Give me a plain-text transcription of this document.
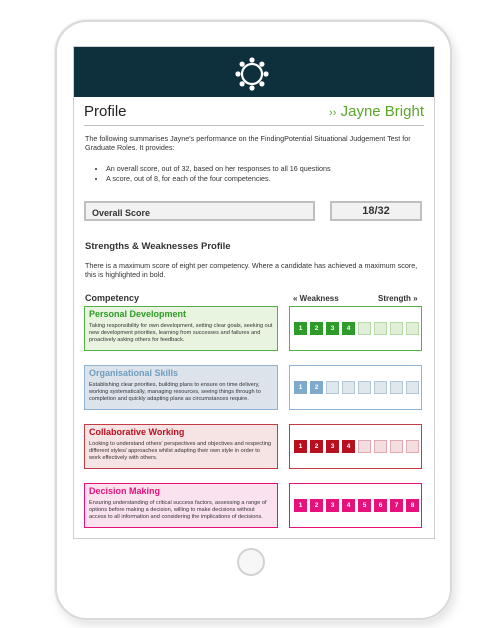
Profile	›› Jayne Bright
The following summarises Jayne's performance on the FindingPotential Situational Judgement Test for Graduate Roles. It provides:
• An overall score, out of 32, based on her responses to all 16 questions
• A score, out of 8, for each of the four competencies.
Overall Score	18/32
Strengths & Weaknesses Profile
There is a maximum score of eight per competency. Where a candidate has achieved a maximum score, this is highlighted in bold.
Competency	« Weakness	Strength »
Personal Development
Taking responsibility for own development, setting clear goals, seeking out new development priorities, learning from successes and failures and proactively asking others for feedback.
1	2	3	4
Organisational Skills
Establishing clear priorities, building plans to ensure on time delivery, working systematically, managing resources, seeing things through to completion and quickly adapting plans as circumstances require.
1	2
Collaborative Working
Looking to understand others' perspectives and objectives and respecting different styles/ approaches whilst adapting their own style in order to work effectively with others.
1	2	3	4
Decision Making
Ensuring understanding of critical success factors, assessing a range of options before making a decision, willing to make decisions without access to all information and considering the implications of decisions.
1	2	3	4	5	6	7	8
